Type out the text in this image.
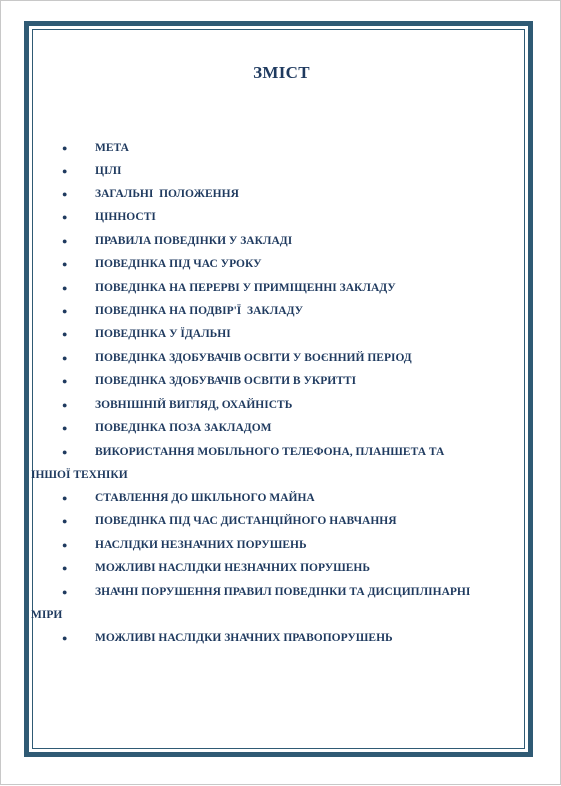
ЗМІСТ
●	МЕТА
●	ЦІЛІ
●	ЗАГАЛЬНІ  ПОЛОЖЕННЯ
●	ЦІННОСТІ
●	ПРАВИЛА ПОВЕДІНКИ У ЗАКЛАДІ
●	ПОВЕДІНКА ПІД ЧАС УРОКУ
●	ПОВЕДІНКА НА ПЕРЕРВІ У ПРИМІЩЕННІ ЗАКЛАДУ
●	ПОВЕДІНКА НА ПОДВІР'Ї  ЗАКЛАДУ
●	ПОВЕДІНКА У ЇДАЛЬНІ
●	ПОВЕДІНКА ЗДОБУВАЧІВ ОСВІТИ У ВОЄННИЙ ПЕРІОД
●	ПОВЕДІНКА ЗДОБУВАЧІВ ОСВІТИ В УКРИТТІ
●	ЗОВНІШНІЙ ВИГЛЯД, ОХАЙНІСТЬ
●	ПОВЕДІНКА ПОЗА ЗАКЛАДОМ
●	ВИКОРИСТАННЯ МОБІЛЬНОГО ТЕЛЕФОНА, ПЛАНШЕТА ТА
ІНШОЇ ТЕХНІКИ
●	СТАВЛЕННЯ ДО ШКІЛЬНОГО МАЙНА
●	ПОВЕДІНКА ПІД ЧАС ДИСТАНЦІЙНОГО НАВЧАННЯ
●	НАСЛІДКИ НЕЗНАЧНИХ ПОРУШЕНЬ
●	МОЖЛИВІ НАСЛІДКИ НЕЗНАЧНИХ ПОРУШЕНЬ
●	ЗНАЧНІ ПОРУШЕННЯ ПРАВИЛ ПОВЕДІНКИ ТА ДИСЦИПЛІНАРНІ
МІРИ
●	МОЖЛИВІ НАСЛІДКИ ЗНАЧНИХ ПРАВОПОРУШЕНЬ
